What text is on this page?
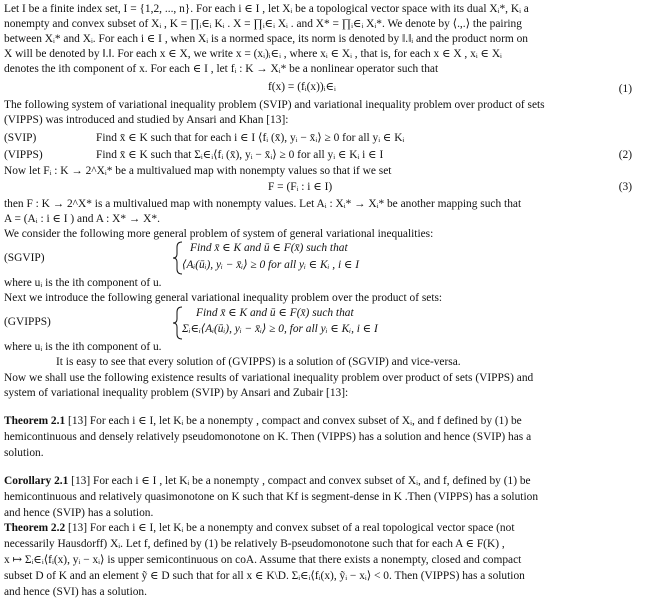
Let I be a finite index set, I = {1,2, ..., n}. For each i ∈ I , let Xᵢ be a topological vector space with its dual Xᵢ*, Kᵢ a
nonempty and convex subset of Xᵢ , K = ∏ᵢ∈ᵢ Kᵢ . X = ∏ᵢ∈ᵢ Xᵢ . and X* = ∏ᵢ∈ᵢ Xᵢ*. We denote by ⟨.,.⟩ the pairing
between Xᵢ* and Xᵢ. For each i ∈ I , when Xᵢ is a normed space, its norm is denoted by ‖.‖ᵢ and the product norm on
X will be denoted by ‖.‖. For each x ∈ X, we write x = (xᵢ)ᵢ∈ᵢ , where xᵢ ∈ Xᵢ , that is, for each x ∈ X , xᵢ ∈ Xᵢ
denotes the ith component of x. For each ∈ I , let fᵢ : K → Xᵢ* be a nonlinear operator such that
f(x) = (fᵢ(x))ᵢ∈ᵢ	(1)
The following system of variational inequality problem (SVIP) and variational inequality problem over product of sets
(VIPPS) was introduced and studied by Ansari and Khan [13]:
(SVIP)	Find x̄ ∈ K such that for each i ∈ I ⟨fᵢ (x̄), yᵢ − x̄ᵢ⟩ ≥ 0 for all yᵢ ∈ Kᵢ
(VIPPS)	Find x̄ ∈ K such that Σᵢ∈ᵢ⟨fᵢ (x̄), yᵢ − x̄ᵢ⟩ ≥ 0 for all yᵢ ∈ Kᵢ i ∈ I	(2)
Now let Fᵢ : K → 2^Xᵢ* be a multivalued map with nonempty values so that if we set
F = (Fᵢ : i ∈ I)	(3)
then F : K → 2^X* is a multivalued map with nonempty values. Let Aᵢ : Xᵢ* → Xᵢ* be another mapping such that
A = (Aᵢ : i ∈ I ) and A : X* → X*.
We consider the following more general problem of system of general variational inequalities:
(SGVIP)
Find x̄ ∈ K and ū ∈ F(x̄) such that
⟨Aᵢ(ūᵢ), yᵢ − x̄ᵢ⟩ ≥ 0 for all yᵢ ∈ Kᵢ , i ∈ I
where uᵢ is the ith component of u.
Next we introduce the following general variational inequality problem over the product of sets:
(GVIPPS)
Find x̄ ∈ K and ū ∈ F(x̄) such that
Σᵢ∈ᵢ⟨Aᵢ(ūᵢ), yᵢ − x̄ᵢ⟩ ≥ 0, for all yᵢ ∈ Kᵢ, i ∈ I
where uᵢ is the ith component of u.
It is easy to see that every solution of (GVIPPS) is a solution of (SGVIP) and vice-versa.
Now we shall use the following existence results of variational inequality problem over product of sets (VIPPS) and
system of variational inequality problem (SVIP) by Ansari and Zubair [13]:
Theorem 2.1 [13] For each i ∈ I, let Kᵢ be a nonempty , compact and convex subset of Xᵢ, and f defined by (1) be
hemicontinuous and densely relatively pseudomonotone on K. Then (VIPPS) has a solution and hence (SVIP) has a
solution.
Corollary 2.1 [13] For each i ∈ I , let Kᵢ be a nonempty , compact and convex subset of Xᵢ, and f, defined by (1) be
hemicontinuous and relatively quasimonotone on K such that Kf is segment-dense in K .Then (VIPPS) has a solution
and hence (SVIP) has a solution.
Theorem 2.2 [13] For each i ∈ I, let Kᵢ be a nonempty and convex subset of a real topological vector space (not
necessarily Hausdorff) Xᵢ. Let f, defined by (1) be relatively B-pseudomonotone such that for each A ∈ F(K) ,
x ↦ Σᵢ∈ᵢ⟨fᵢ(x), yᵢ − xᵢ⟩ is upper semicontinuous on coA. Assume that there exists a nonempty, closed and compact
subset D of K and an element ỹ ∈ D such that for all x ∈ K\D. Σᵢ∈ᵢ⟨fᵢ(x), ỹᵢ − xᵢ⟩ < 0. Then (VIPPS) has a solution
and hence (SVI) has a solution.
